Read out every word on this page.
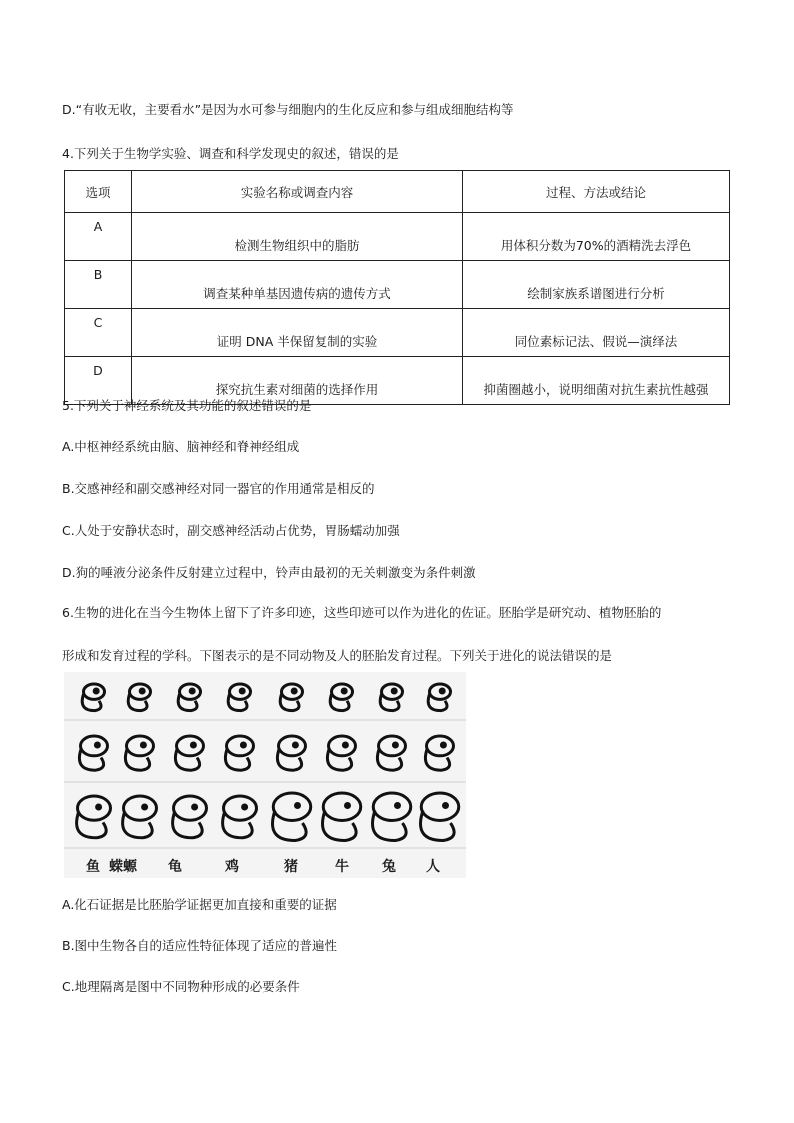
D.“有收无收，主要看水”是因为水可参与细胞内的生化反应和参与组成细胞结构等
4.下列关于生物学实验、调查和科学发现史的叙述，错误的是
选项	实验名称或调查内容	过程、方法或结论
A	检测生物组织中的脂肪	用体积分数为70%的酒精洗去浮色
B	调查某种单基因遗传病的遗传方式	绘制家族系谱图进行分析
C	证明 DNA 半保留复制的实验	同位素标记法、假说—演绎法
D	探究抗生素对细菌的选择作用	抑菌圈越小，说明细菌对抗生素抗性越强
5.下列关于神经系统及其功能的叙述错误的是
A.中枢神经系统由脑、脑神经和脊神经组成
B.交感神经和副交感神经对同一器官的作用通常是相反的
C.人处于安静状态时，副交感神经活动占优势，胃肠蠕动加强
D.狗的唾液分泌条件反射建立过程中，铃声由最初的无关刺激变为条件刺激
6.生物的进化在当今生物体上留下了许多印迹，这些印迹可以作为进化的佐证。胚胎学是研究动、植物胚胎的
形成和发育过程的学科。下图表示的是不同动物及人的胚胎发育过程。下列关于进化的说法错误的是
鱼 蝾螈 龟	鸡	猪	牛 兔 人
A.化石证据是比胚胎学证据更加直接和重要的证据
B.图中生物各自的适应性特征体现了适应的普遍性
C.地理隔离是图中不同物种形成的必要条件
